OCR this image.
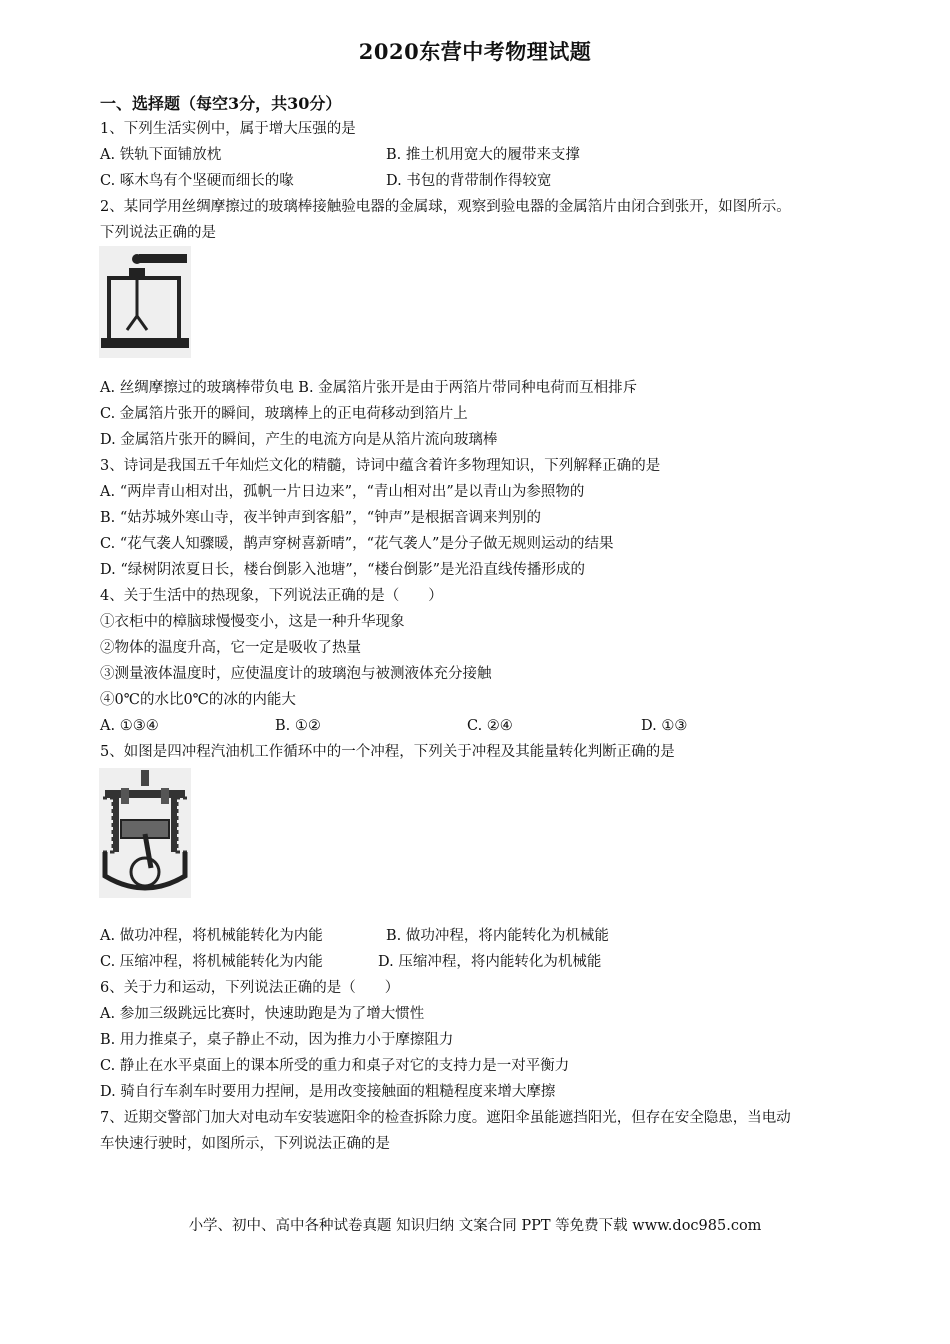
2020东营中考物理试题
一、选择题（每空3分，共30分）
1、下列生活实例中，属于增大压强的是
A. 铁轨下面铺放枕	B. 推土机用宽大的履带来支撑
C. 啄木鸟有个坚硬而细长的喙	D. 书包的背带制作得较宽
2、某同学用丝绸摩擦过的玻璃棒接触验电器的金属球，观察到验电器的金属箔片由闭合到张开，如图所示。
下列说法正确的是
A. 丝绸摩擦过的玻璃棒带负电 B. 金属箔片张开是由于两箔片带同种电荷而互相排斥
C. 金属箔片张开的瞬间，玻璃棒上的正电荷移动到箔片上
D. 金属箔片张开的瞬间，产生的电流方向是从箔片流向玻璃棒
3、诗词是我国五千年灿烂文化的精髓，诗词中蕴含着许多物理知识，下列解释正确的是
A. “两岸青山相对出，孤帆一片日边来”，“青山相对出”是以青山为参照物的
B. “姑苏城外寒山寺，夜半钟声到客船”，“钟声”是根据音调来判别的
C. “花气袭人知骤暖，鹊声穿树喜新晴”，“花气袭人”是分子做无规则运动的结果
D. “绿树阴浓夏日长，楼台倒影入池塘”，“楼台倒影”是光沿直线传播形成的
4、关于生活中的热现象，下列说法正确的是（　　）
①衣柜中的樟脑球慢慢变小，这是一种升华现象
②物体的温度升高，它一定是吸收了热量
③测量液体温度时，应使温度计的玻璃泡与被测液体充分接触
④0℃的水比0℃的冰的内能大
A. ①③④	B. ①②	C. ②④	D. ①③
5、如图是四冲程汽油机工作循环中的一个冲程，下列关于冲程及其能量转化判断正确的是
A. 做功冲程，将机械能转化为内能	B. 做功冲程，将内能转化为机械能
C. 压缩冲程，将机械能转化为内能	D. 压缩冲程，将内能转化为机械能
6、关于力和运动，下列说法正确的是（　　）
A. 参加三级跳远比赛时，快速助跑是为了增大惯性
B. 用力推桌子，桌子静止不动，因为推力小于摩擦阻力
C. 静止在水平桌面上的课本所受的重力和桌子对它的支持力是一对平衡力
D. 骑自行车刹车时要用力捏闸，是用改变接触面的粗糙程度来增大摩擦
7、近期交警部门加大对电动车安装遮阳伞的检查拆除力度。遮阳伞虽能遮挡阳光，但存在安全隐患，当电动
车快速行驶时，如图所示，下列说法正确的是
小学、初中、高中各种试卷真题 知识归纳 文案合同 PPT 等免费下载 www.doc985.com
